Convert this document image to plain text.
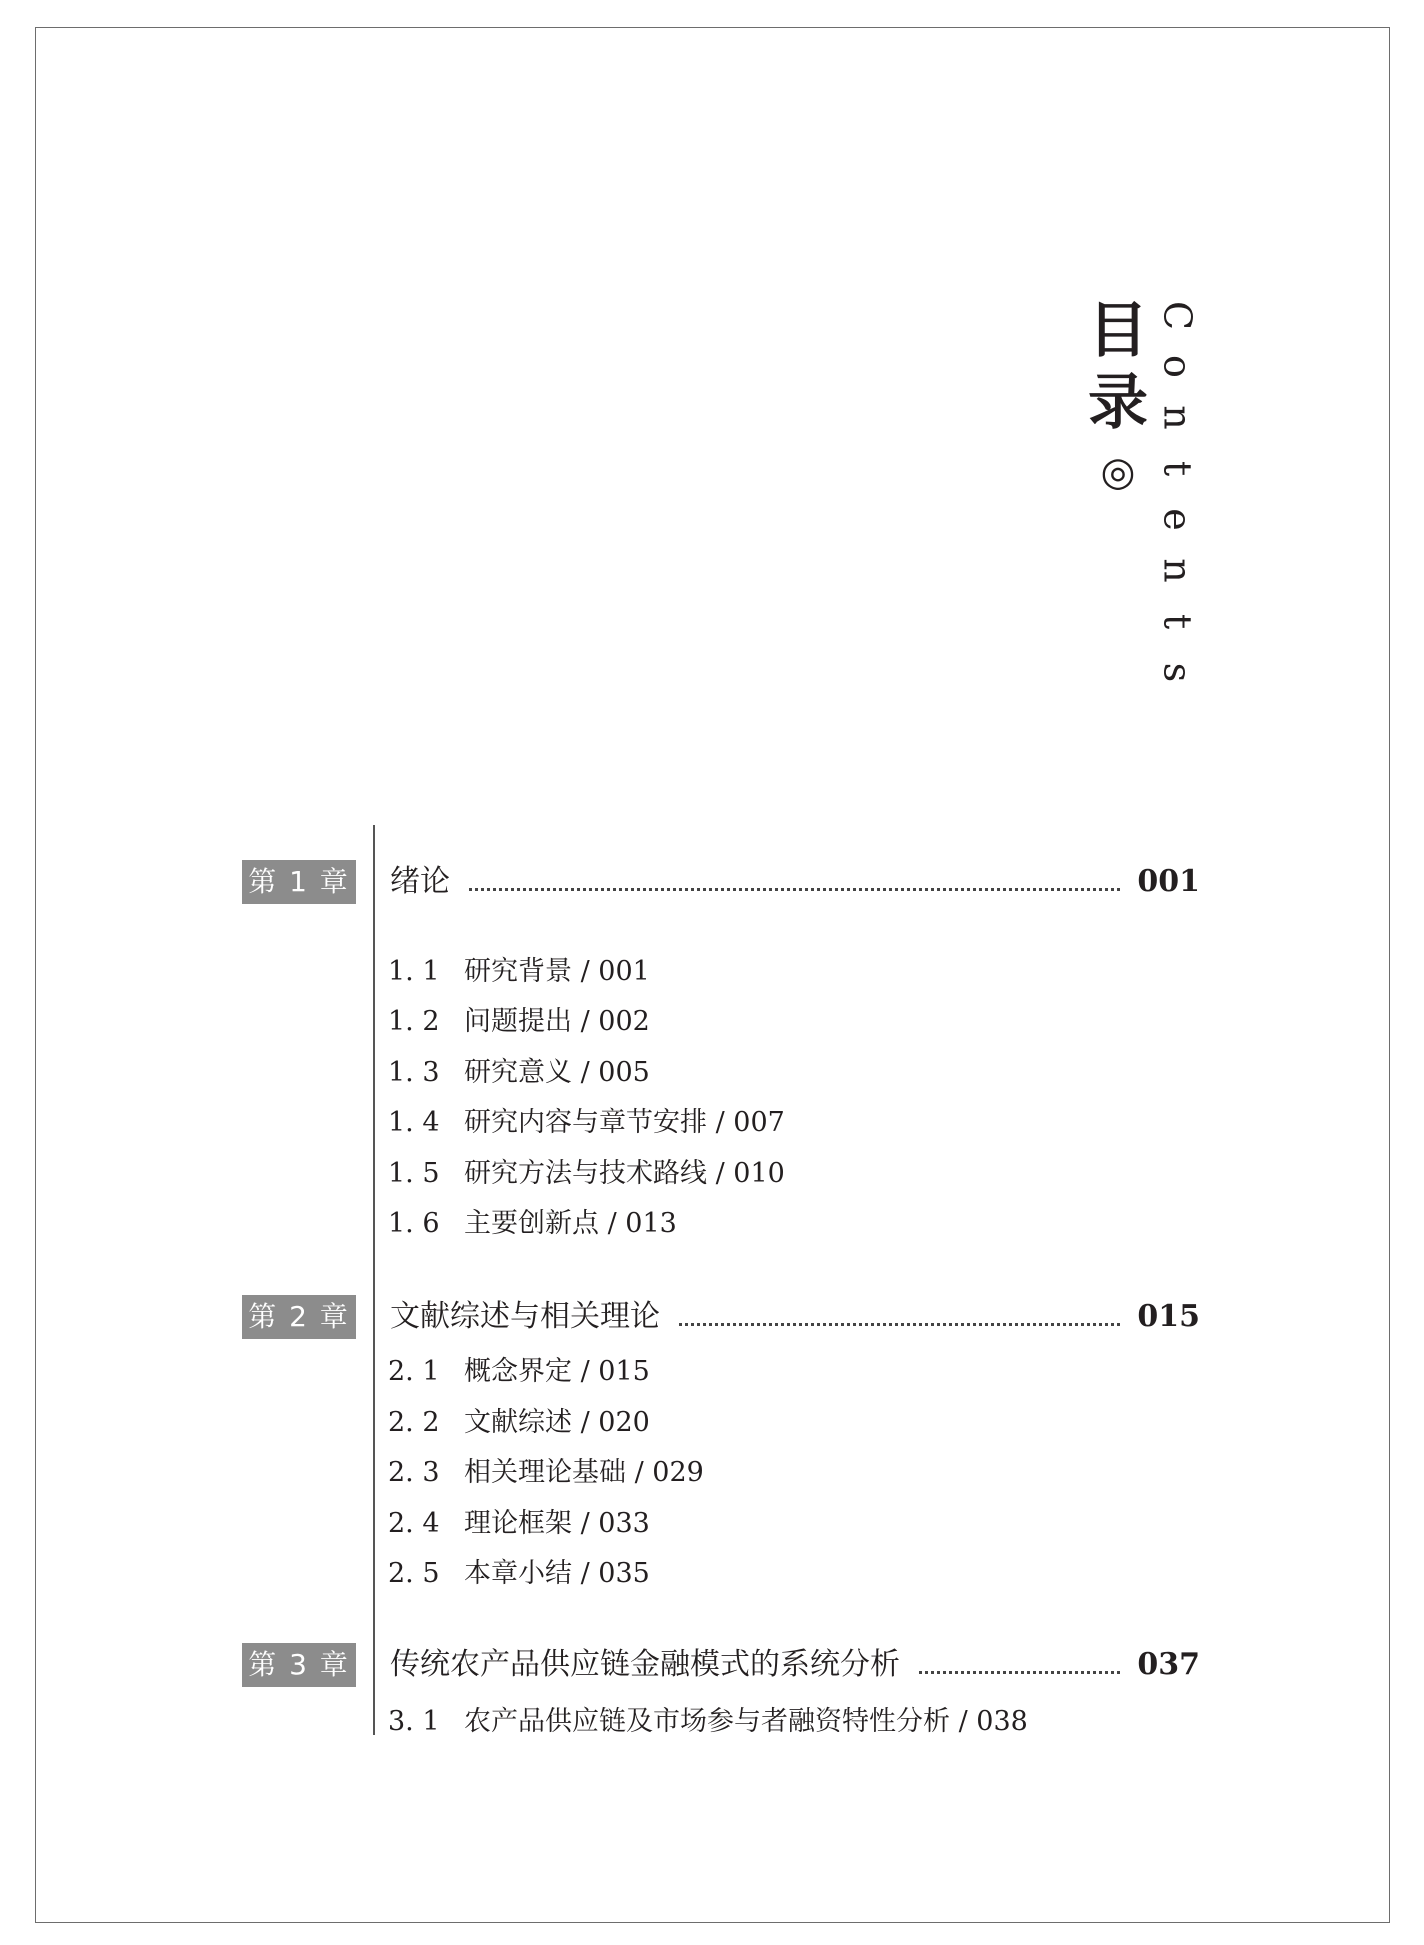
目
录
◎
C
o
n
t
e
n
t
s
第 1 章 绪论	001
1. 1 研究背景 / 001
1. 2 问题提出 / 002
1. 3 研究意义 / 005
1. 4 研究内容与章节安排 / 007
1. 5 研究方法与技术路线 / 010
1. 6 主要创新点 / 013
第 2 章 文献综述与相关理论	015
2. 1 概念界定 / 015
2. 2 文献综述 / 020
2. 3 相关理论基础 / 029
2. 4 理论框架 / 033
2. 5 本章小结 / 035
第 3 章 传统农产品供应链金融模式的系统分析	037
3. 1 农产品供应链及市场参与者融资特性分析 / 038
